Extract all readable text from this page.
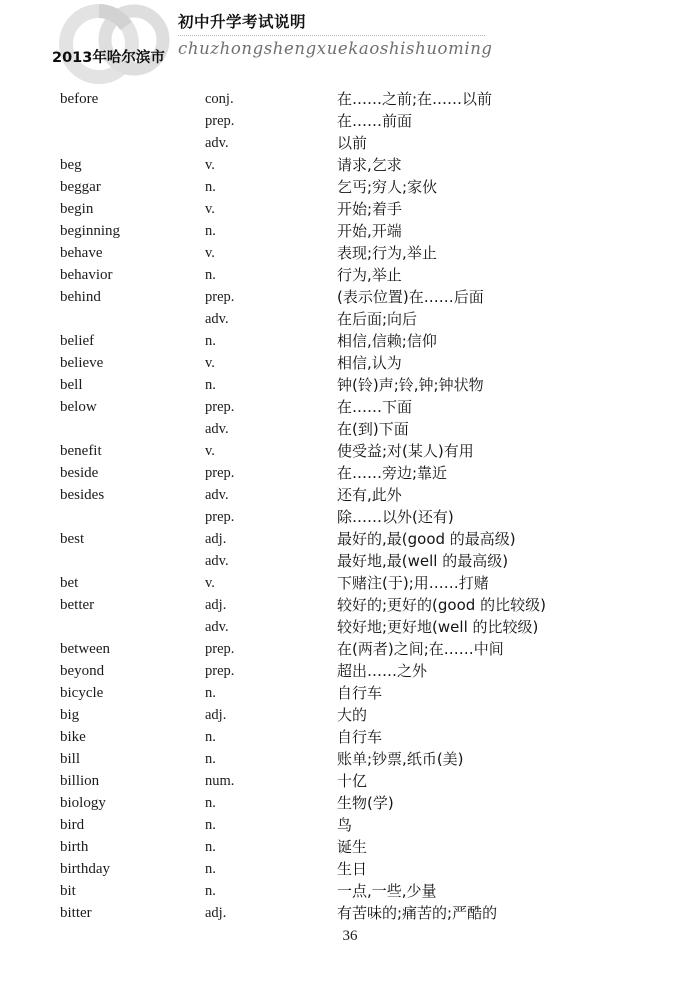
2013年哈尔滨市
初中升学考试说明
chuzhongshengxuekaoshishuoming
before	conj.	在……之前;在……以前
prep.	在……前面
adv.	以前
beg	v.	请求,乞求
beggar	n.	乞丐;穷人;家伙
begin	v.	开始;着手
beginning	n.	开始,开端
behave	v.	表现;行为,举止
behavior	n.	行为,举止
behind	prep.	(表示位置)在……后面
adv.	在后面;向后
belief	n.	相信,信赖;信仰
believe	v.	相信,认为
bell	n.	钟(铃)声;铃,钟;钟状物
below	prep.	在……下面
adv.	在(到)下面
benefit	v.	使受益;对(某人)有用
beside	prep.	在……旁边;靠近
besides	adv.	还有,此外
prep.	除……以外(还有)
best	adj.	最好的,最(good 的最高级)
adv.	最好地,最(well 的最高级)
bet	v.	下赌注(于);用……打赌
better	adj.	较好的;更好的(good 的比较级)
adv.	较好地;更好地(well 的比较级)
between	prep.	在(两者)之间;在……中间
beyond	prep.	超出……之外
bicycle	n.	自行车
big	adj.	大的
bike	n.	自行车
bill	n.	账单;钞票,纸币(美)
billion	num.	十亿
biology	n.	生物(学)
bird	n.	鸟
birth	n.	诞生
birthday	n.	生日
bit	n.	一点,一些,少量
bitter	adj.	有苦味的;痛苦的;严酷的
36
